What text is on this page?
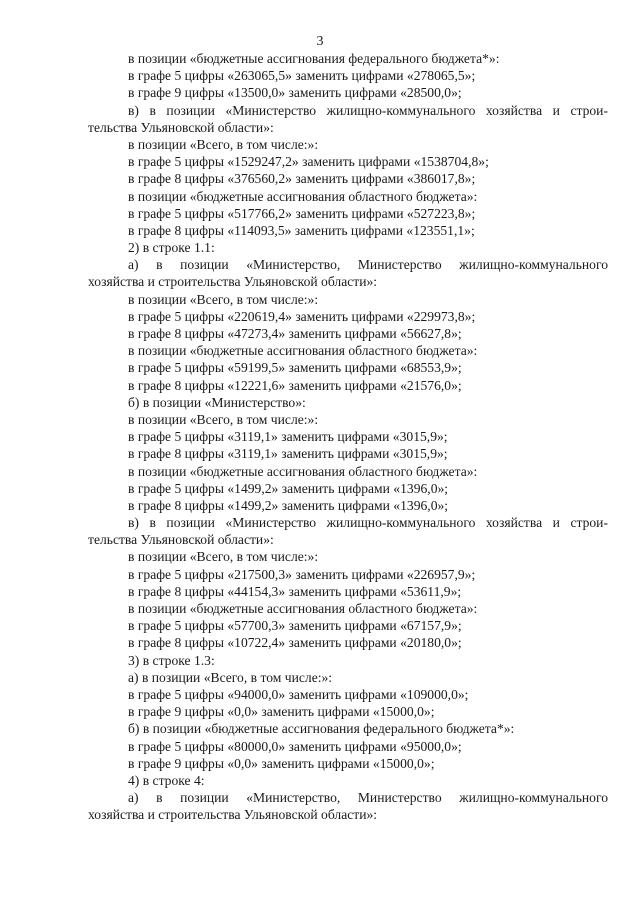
3
в позиции «бюджетные ассигнования федерального бюджета*»:
в графе 5 цифры «263065,5» заменить цифрами «278065,5»;
в графе 9 цифры «13500,0» заменить цифрами «28500,0»;
в) в позиции «Министерство жилищно-коммунального хозяйства и строи-
тельства Ульяновской области»:
в позиции «Всего, в том числе:»:
в графе 5 цифры «1529247,2» заменить цифрами «1538704,8»;
в графе 8 цифры «376560,2» заменить цифрами «386017,8»;
в позиции «бюджетные ассигнования областного бюджета»:
в графе 5 цифры «517766,2» заменить цифрами «527223,8»;
в графе 8 цифры «114093,5» заменить цифрами «123551,1»;
2) в строке 1.1:
а) в позиции «Министерство, Министерство жилищно-коммунального
хозяйства и строительства Ульяновской области»:
в позиции «Всего, в том числе:»:
в графе 5 цифры «220619,4» заменить цифрами «229973,8»;
в графе 8 цифры «47273,4» заменить цифрами «56627,8»;
в позиции «бюджетные ассигнования областного бюджета»:
в графе 5 цифры «59199,5» заменить цифрами «68553,9»;
в графе 8 цифры «12221,6» заменить цифрами «21576,0»;
б) в позиции «Министерство»:
в позиции «Всего, в том числе:»:
в графе 5 цифры «3119,1» заменить цифрами «3015,9»;
в графе 8 цифры «3119,1» заменить цифрами «3015,9»;
в позиции «бюджетные ассигнования областного бюджета»:
в графе 5 цифры «1499,2» заменить цифрами «1396,0»;
в графе 8 цифры «1499,2» заменить цифрами «1396,0»;
в) в позиции «Министерство жилищно-коммунального хозяйства и строи-
тельства Ульяновской области»:
в позиции «Всего, в том числе:»:
в графе 5 цифры «217500,3» заменить цифрами «226957,9»;
в графе 8 цифры «44154,3» заменить цифрами «53611,9»;
в позиции «бюджетные ассигнования областного бюджета»:
в графе 5 цифры «57700,3» заменить цифрами «67157,9»;
в графе 8 цифры «10722,4» заменить цифрами «20180,0»;
3) в строке 1.3:
а) в позиции «Всего, в том числе:»:
в графе 5 цифры «94000,0» заменить цифрами «109000,0»;
в графе 9 цифры «0,0» заменить цифрами «15000,0»;
б) в позиции «бюджетные ассигнования федерального бюджета*»:
в графе 5 цифры «80000,0» заменить цифрами «95000,0»;
в графе 9 цифры «0,0» заменить цифрами «15000,0»;
4) в строке 4:
а) в позиции «Министерство, Министерство жилищно-коммунального
хозяйства и строительства Ульяновской области»:
